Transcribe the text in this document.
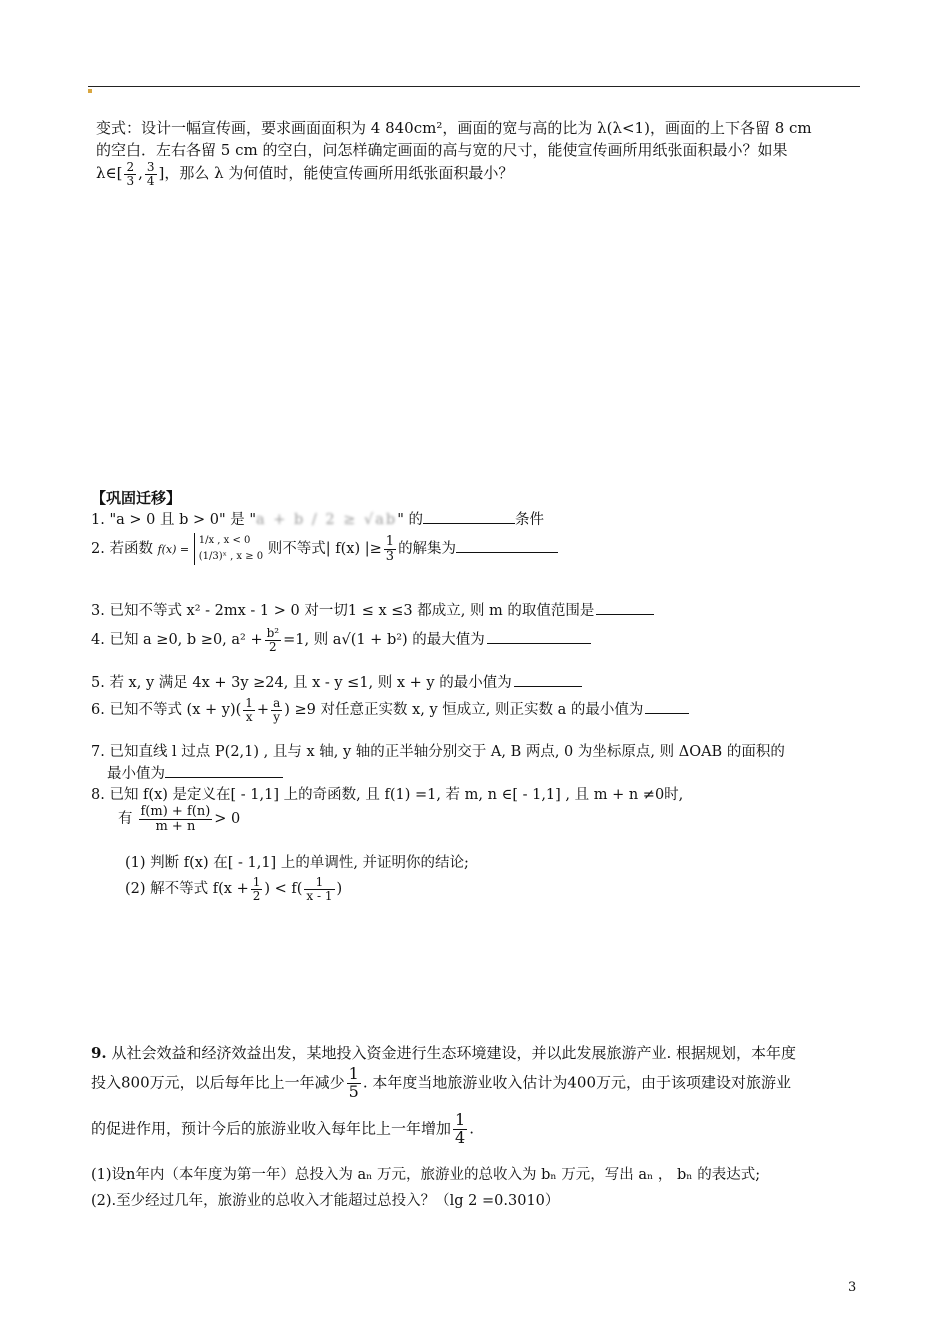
变式：设计一幅宣传画，要求画面面积为 4 840cm²，画面的宽与高的比为 λ(λ<1)，画面的上下各留 8 cm
的空白．左右各留 5 cm 的空白，问怎样确定画面的高与宽的尺寸，能使宣传画所用纸张面积最小？如果
λ∈[ $\frac{2}{3}$ , $\frac{3}{4}$ ]，那么 λ 为何值时，能使宣传画所用纸张面积最小？
【巩固迁移】
1. "a > 0 且 b > 0" 是 "a + b / 2 ≥ √ab" 的	条件
2. 若函数 f(x) =
1/x , x < 0
(1/3)ˣ , x ≥ 0 则不等式| f(x) |≥ $\frac{1}{3}$ 的解集为
3. 已知不等式 x² - 2mx - 1 > 0 对一切1 ≤ x ≤3 都成立, 则 m 的取值范围是
4. 已知 a ≥0, b ≥0, $a^2 + \frac{\text{b²}}{2} =1$, 则 a√(1 + b²) 的最大值为
5. 若 x, y 满足 4x + 3y ≥24, 且 x - y ≤1, 则 x + y 的最小值为
6. 已知不等式 $(x + y)( \frac{1}{x} + \frac{a}{y}$ ) ≥9 对任意正实数 x, y 恒成立, 则正实数 a 的最小值为
7. 已知直线 l 过点 P(2,1) , 且与 x 轴, y 轴的正半轴分别交于 A, B 两点, 0 为坐标原点, 则 ΔOAB 的面积的
最小值为
8. 已知 f(x) 是定义在[ - 1,1] 上的奇函数, 且 f(1) =1, 若 m, n ∈[ - 1,1] , 且 m + n ≠0时,
有 $\frac{f(m) + f(n)}{m + n} > 0$
(1) 判断 f(x) 在[ - 1,1] 上的单调性, 并证明你的结论;
(2) 解不等式 $f(x + \frac{1}{2}$ ) < $f( \frac{1}{x - 1}$ )
9. 从社会效益和经济效益出发，某地投入资金进行生态环境建设，并以此发展旅游产业. 根据规划，本年度
投入800万元，以后每年比上一年减少 $\frac{1}{5}$ . 本年度当地旅游业收入估计为400万元，由于该项建设对旅游业
的促进作用，预计今后的旅游业收入每年比上一年增加 $\frac{1}{4}$ .
(1)设n年内（本年度为第一年）总投入为 aₙ 万元，旅游业的总收入为 bₙ 万元，写出 aₙ ， bₙ 的表达式;
(2).至少经过几年，旅游业的总收入才能超过总投入？（lg 2 =0.3010）
3
